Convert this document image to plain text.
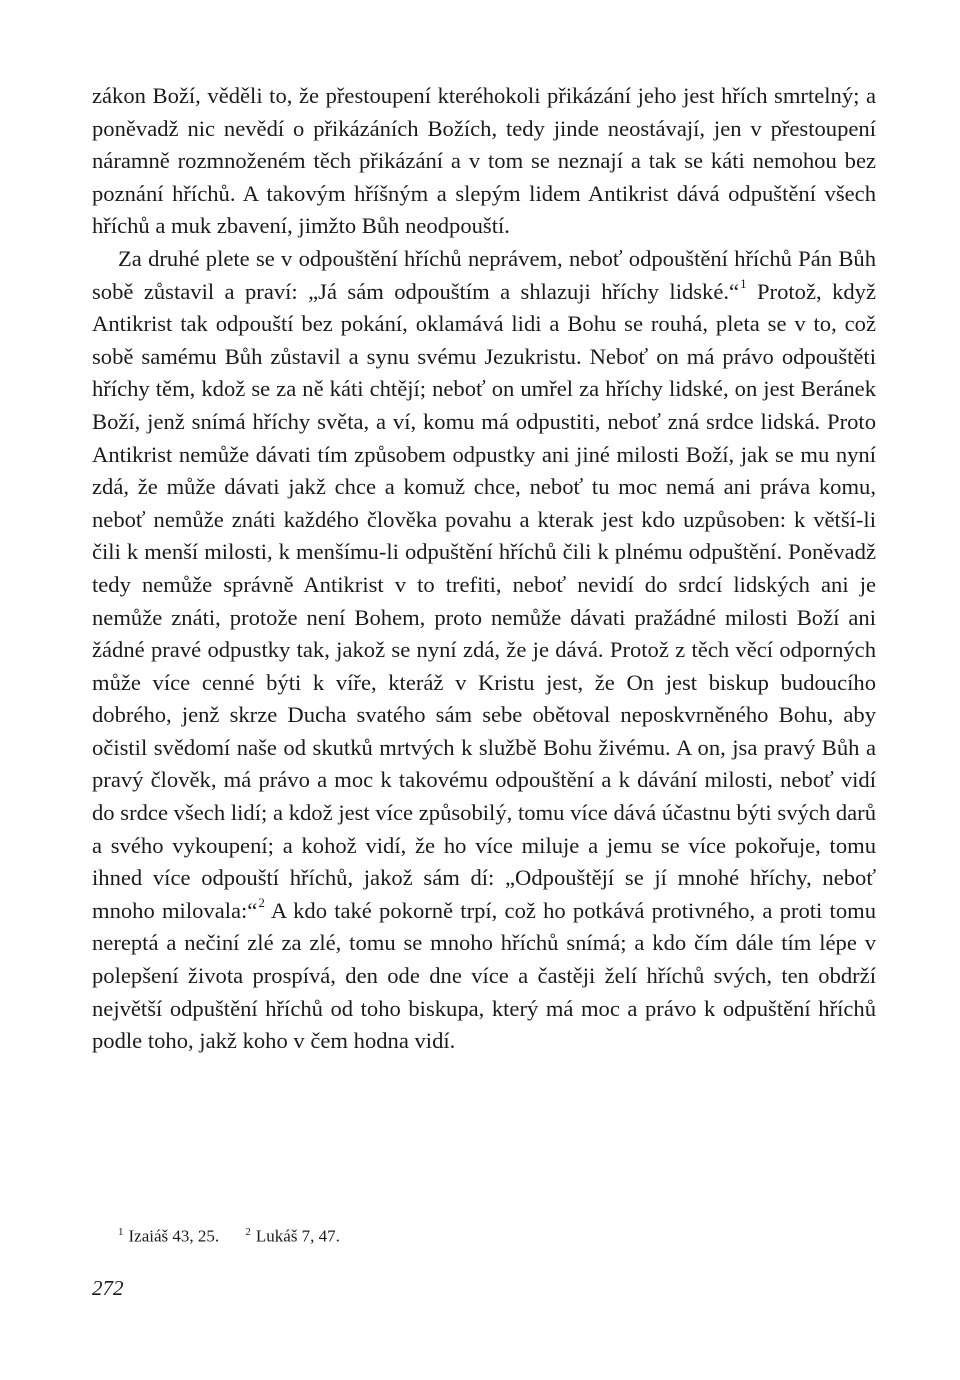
zákon Boží, věděli to, že přestoupení kteréhokoli přikázání jeho jest hřích smrtelný; a poněvadž nic nevědí o přikázáních Božích, tedy jinde neostávají, jen v přestoupení náramně rozmnoženém těch přikázání a v tom se neznají a tak se káti nemohou bez poznání hříchů. A takovým hříšným a slepým lidem Antikrist dává odpuštění všech hříchů a muk zbavení, jimžto Bůh neodpouští.

Za druhé plete se v odpouštění hříchů neprávem, neboť odpouštění hříchů Pán Bůh sobě zůstavil a praví: „Já sám odpouštím a shlazuji hříchy lidské.“$^1$ Protož, když Antikrist tak odpouští bez pokání, oklamává lidi a Bohu se rouhá, pleta se v to, což sobě samému Bůh zůstavil a synu svému Jezukristu. Neboť on má právo odpouštěti hříchy těm, kdož se za ně káti chtějí; neboť on umřel za hříchy lidské, on jest Beránek Boží, jenž snímá hříchy světa, a ví, komu má odpustiti, neboť zná srdce lidská. Proto Antikrist nemůže dávati tím způsobem odpustky ani jiné milosti Boží, jak se mu nyní zdá, že může dávati jakž chce a komuž chce, neboť tu moc nemá ani práva komu, neboť nemůže znáti každého člověka povahu a kterak jest kdo uzpůsoben: k větší-li čili k menší milosti, k menšímu-li odpuštění hříchů čili k plnému odpuštění. Poněvadž tedy nemůže správně Antikrist v to trefiti, neboť nevidí do srdcí lidských ani je nemůže znáti, protože není Bohem, proto nemůže dávati pražádné milosti Boží ani žádné pravé odpustky tak, jakož se nyní zdá, že je dává. Protož z těch věcí odporných může více cenné býti k víře, kteráž v Kristu jest, že On jest biskup budoucího dobrého, jenž skrze Ducha svatého sám sebe obětoval neposkvrněného Bohu, aby očistil svědomí naše od skutků mrtvých k službě Bohu živému. A on, jsa pravý Bůh a pravý člověk, má právo a moc k takovému odpouštění a k dávání milosti, neboť vidí do srdce všech lidí; a kdož jest více způsobilý, tomu více dává účastnu býti svých darů a svého vykoupení; a kohož vidí, že ho více miluje a jemu se více pokořuje, tomu ihned více odpouští hříchů, jakož sám dí: „Odpouštějí se jí mnohé hříchy, neboť mnoho milovala:“$^2$ A kdo také pokorně trpí, což ho potkává protivného, a proti tomu nereptá a nečiní zlé za zlé, tomu se mnoho hříchů snímá; a kdo čím dále tím lépe v polepšení života prospívá, den ode dne více a častěji želí hříchů svých, ten obdrží největší odpuštění hříchů od toho biskupa, který má moc a právo k odpuštění hříchů podle toho, jakž koho v čem hodna vidí.

$^1$ Izaiáš 43, 25. $^2$ Lukáš 7, 47.
272
